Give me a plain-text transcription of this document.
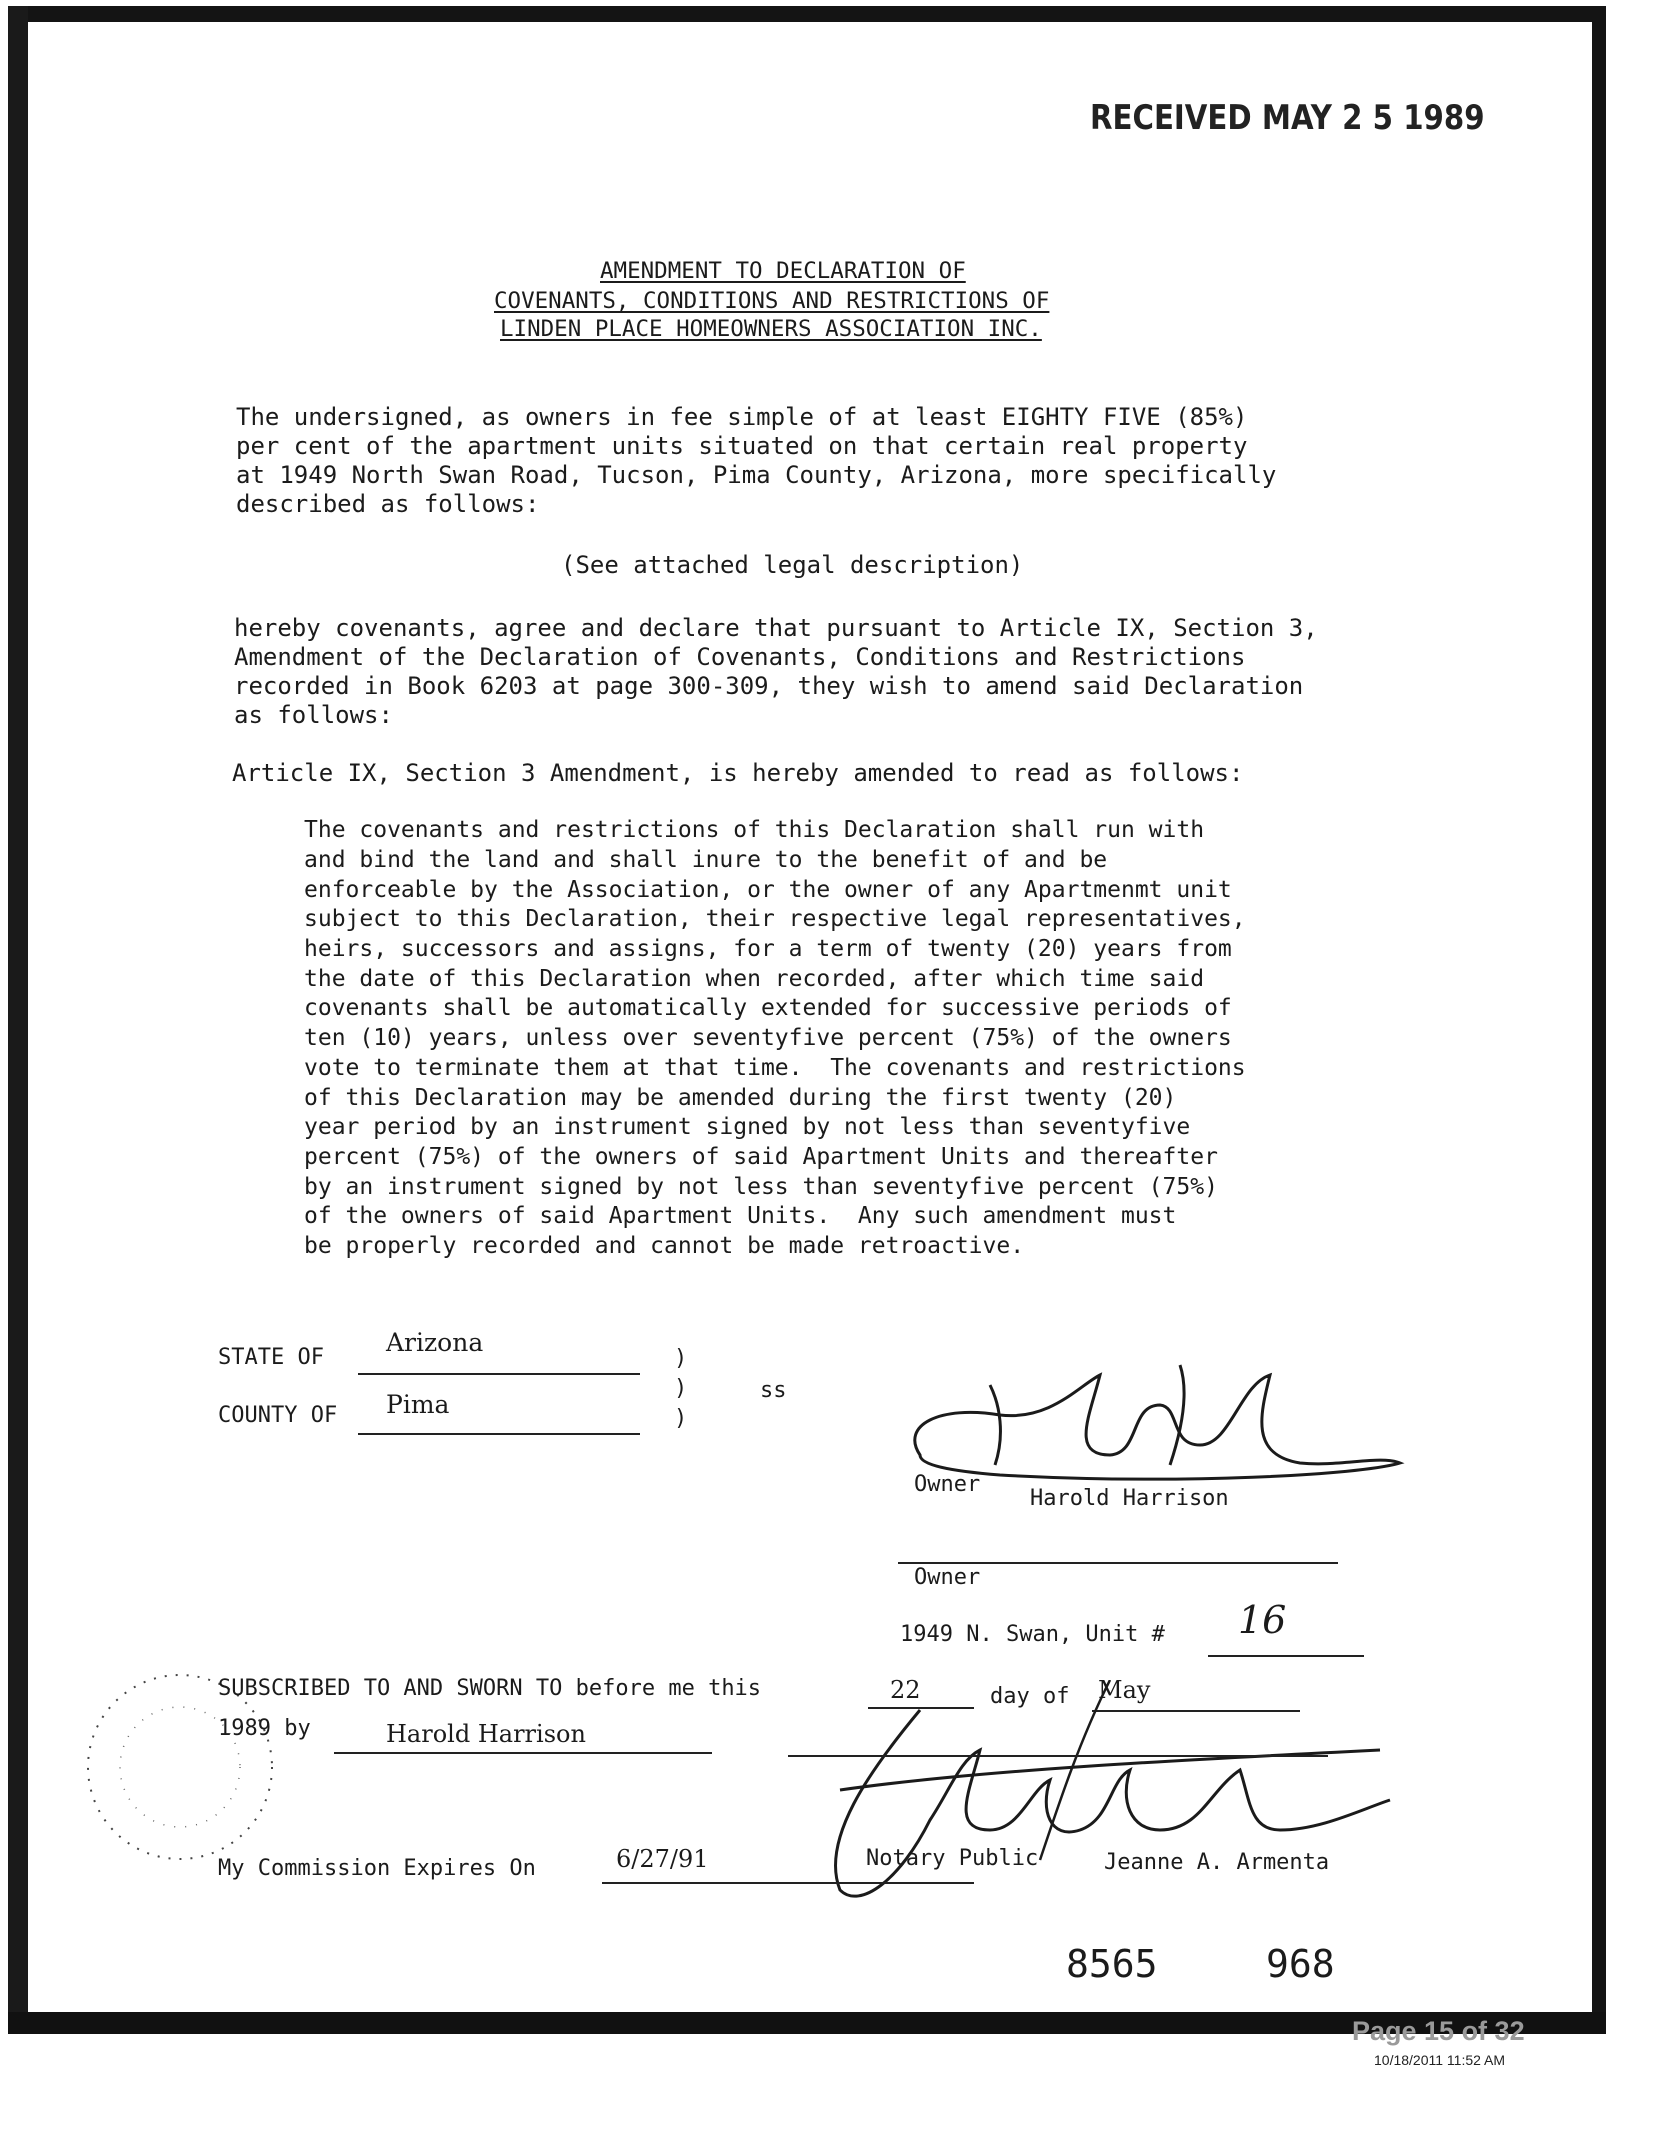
RECEIVED MAY 2 5 1989
AMENDMENT TO DECLARATION OF
COVENANTS, CONDITIONS AND RESTRICTIONS OF
LINDEN PLACE HOMEOWNERS ASSOCIATION INC.
The undersigned, as owners in fee simple of at least EIGHTY FIVE (85%)
per cent of the apartment units situated on that certain real property
at 1949 North Swan Road, Tucson, Pima County, Arizona, more specifically
described as follows:
(See attached legal description)
hereby covenants, agree and declare that pursuant to Article IX, Section 3,
Amendment of the Declaration of Covenants, Conditions and Restrictions
recorded in Book 6203 at page 300-309, they wish to amend said Declaration
as follows:
Article IX, Section 3 Amendment, is hereby amended to read as follows:
The covenants and restrictions of this Declaration shall run with
and bind the land and shall inure to the benefit of and be
enforceable by the Association, or the owner of any Apartmenmt unit
subject to this Declaration, their respective legal representatives,
heirs, successors and assigns, for a term of twenty (20) years from
the date of this Declaration when recorded, after which time said
covenants shall be automatically extended for successive periods of
ten (10) years, unless over seventyfive percent (75%) of the owners
vote to terminate them at that time.  The covenants and restrictions
of this Declaration may be amended during the first twenty (20)
year period by an instrument signed by not less than seventyfive
percent (75%) of the owners of said Apartment Units and thereafter
by an instrument signed by not less than seventyfive percent (75%)
of the owners of said Apartment Units.  Any such amendment must
be properly recorded and cannot be made retroactive.
STATE OF
Arizona
COUNTY OF Pima
)
)
)
ss
Owner
Harold Harrison
Owner
1949 N. Swan, Unit # 16
SUBSCRIBED TO AND SWORN TO before me this	22	day of May
1989 by	Harold Harrison
My Commission Expires On	6/27/91	Notary Public	Jeanne A. Armenta
8565	968
Page 15 of 32
10/18/2011 11:52 AM
